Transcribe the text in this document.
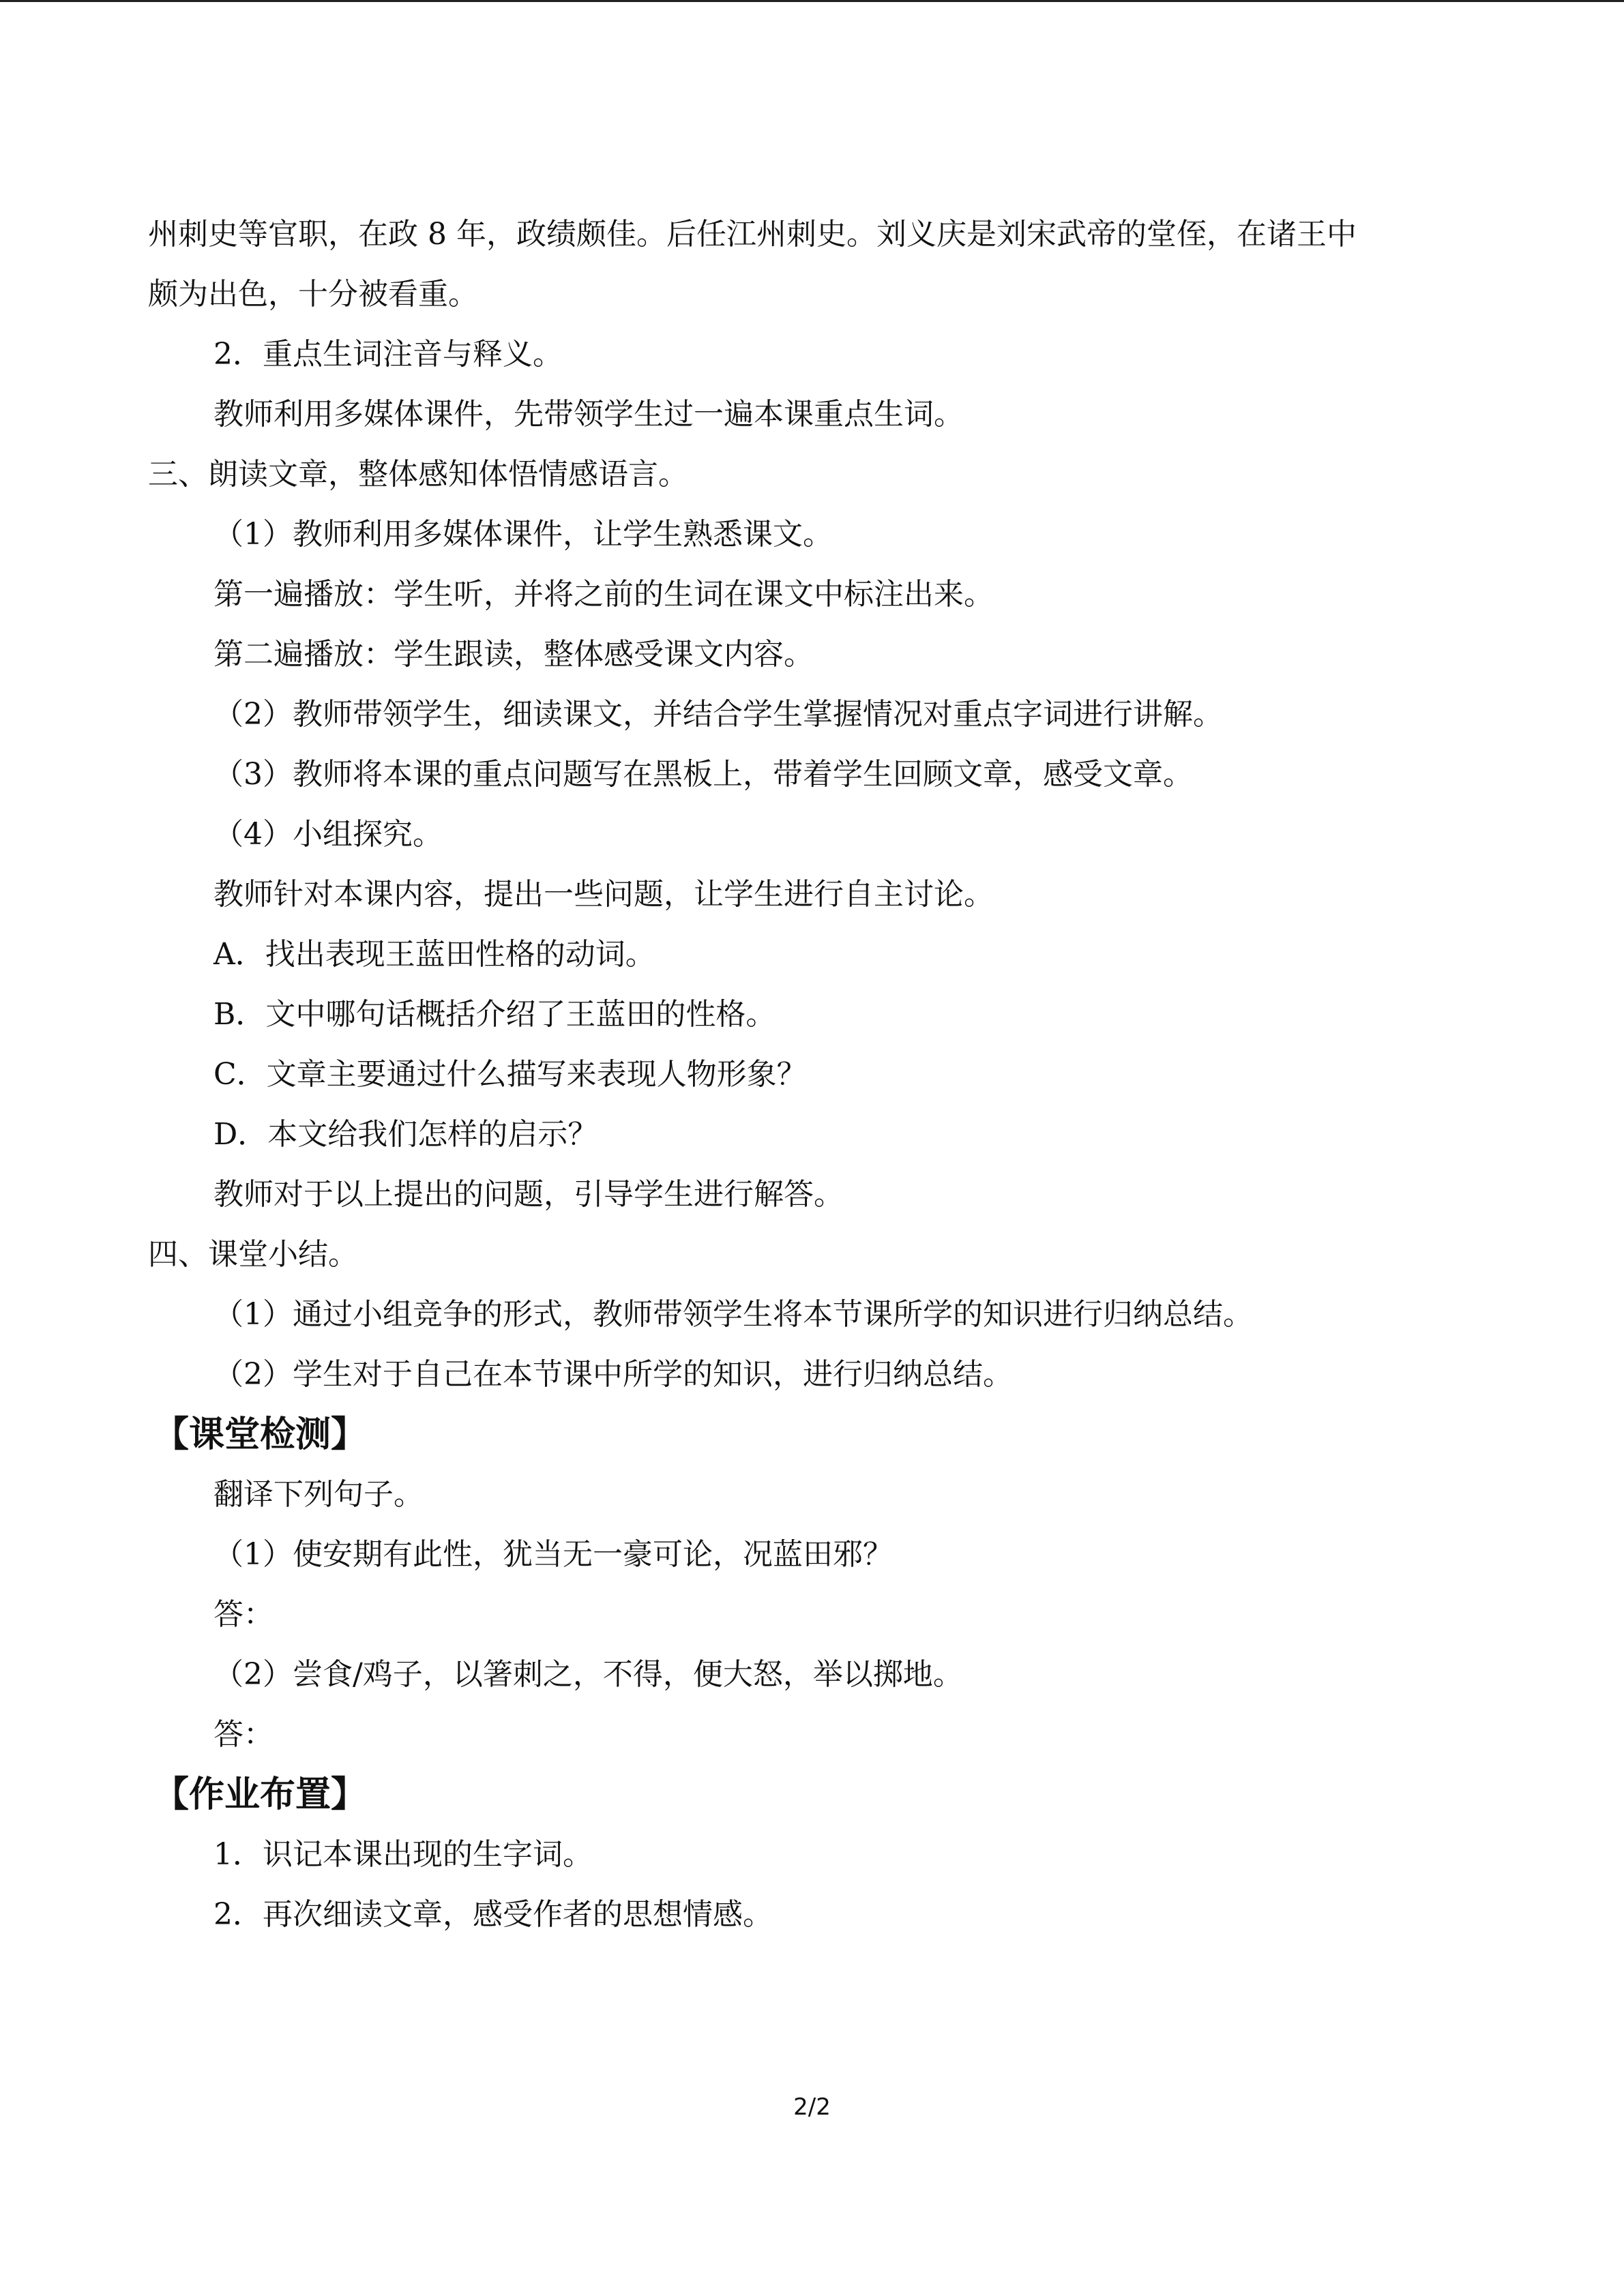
州刺史等官职，在政 8 年，政绩颇佳。后任江州刺史。刘义庆是刘宋武帝的堂侄，在诸王中
颇为出色，十分被看重。
2．重点生词注音与释义。
教师利用多媒体课件，先带领学生过一遍本课重点生词。
三、朗读文章，整体感知体悟情感语言。
（1）教师利用多媒体课件，让学生熟悉课文。
第一遍播放：学生听，并将之前的生词在课文中标注出来。
第二遍播放：学生跟读，整体感受课文内容。
（2）教师带领学生，细读课文，并结合学生掌握情况对重点字词进行讲解。
（3）教师将本课的重点问题写在黑板上，带着学生回顾文章，感受文章。
（4）小组探究。
教师针对本课内容，提出一些问题，让学生进行自主讨论。
A．找出表现王蓝田性格的动词。
B．文中哪句话概括介绍了王蓝田的性格。
C．文章主要通过什么描写来表现人物形象？
D．本文给我们怎样的启示？
教师对于以上提出的问题，引导学生进行解答。
四、课堂小结。
（1）通过小组竞争的形式，教师带领学生将本节课所学的知识进行归纳总结。
（2）学生对于自己在本节课中所学的知识，进行归纳总结。
【课堂检测】
翻译下列句子。
（1）使安期有此性，犹当无一豪可论，况蓝田邪？
答：
（2）尝食/鸡子，以箸刺之，不得，便大怒，举以掷地。
答：
【作业布置】
1．识记本课出现的生字词。
2．再次细读文章，感受作者的思想情感。
2/2
